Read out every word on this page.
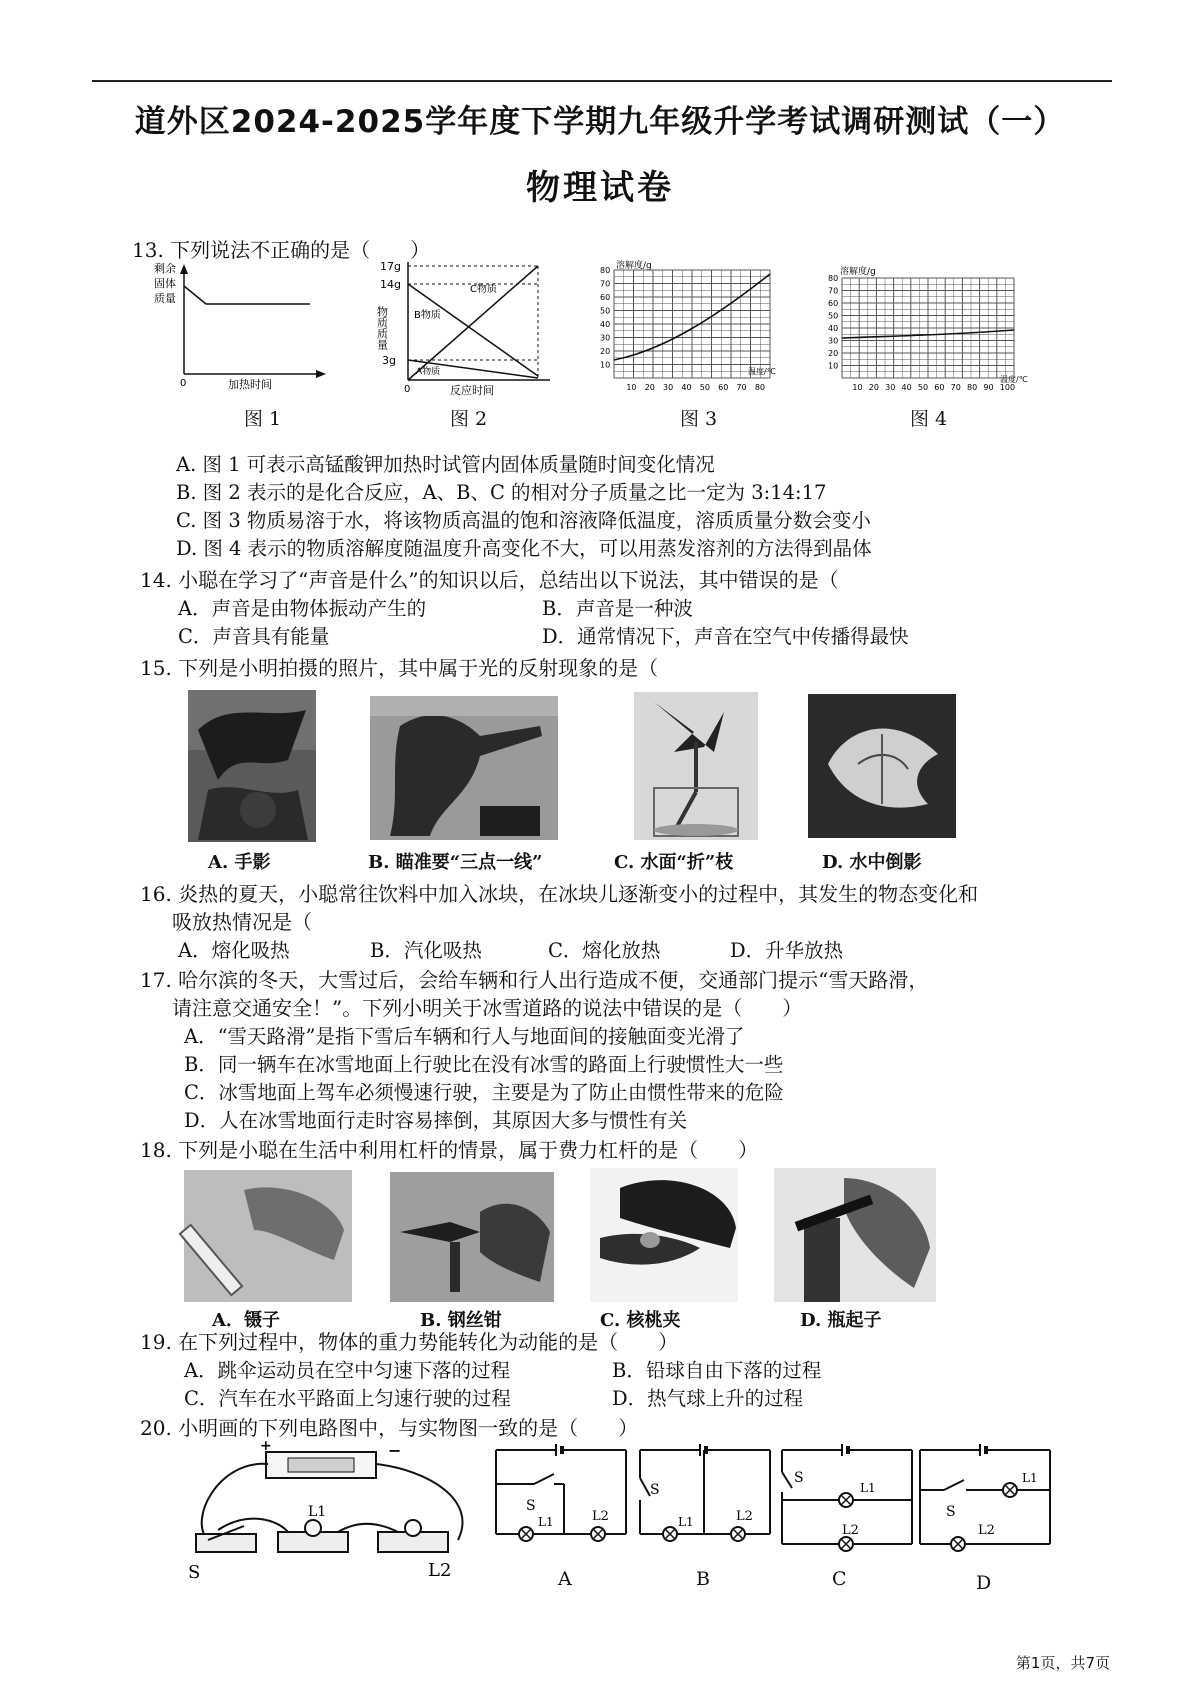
道外区2024-2025学年度下学期九年级升学考试调研测试（一）
物理试卷
13. 下列说法不正确的是（　　）
剩余
固体
质量
0	加热时间
图 1
17g
14g
3g
物质质量	B物质
C物质
A物质
0	反应时间
图 2
溶解度/g
温度/℃
10
20
30
40
50
60
70
80
10 20 30 40 50 60 70 80
图 3
溶解度/g
温度/℃
10
20
30
40
50
60
70
80
10 20 30 40 50 60 70 80 90 100
图 4
A. 图 1 可表示高锰酸钾加热时试管内固体质量随时间变化情况
B. 图 2 表示的是化合反应，A、B、C 的相对分子质量之比一定为 3:14:17
C. 图 3 物质易溶于水，将该物质高温的饱和溶液降低温度，溶质质量分数会变小
D. 图 4 表示的物质溶解度随温度升高变化不大，可以用蒸发溶剂的方法得到晶体
14. 小聪在学习了“声音是什么”的知识以后，总结出以下说法，其中错误的是（
A．声音是由物体振动产生的	B．声音是一种波
C．声音具有能量	D．通常情况下，声音在空气中传播得最快
15. 下列是小明拍摄的照片，其中属于光的反射现象的是（
A. 手影	B. 瞄准要“三点一线”	C. 水面“折”枝	D. 水中倒影
16. 炎热的夏天，小聪常往饮料中加入冰块，在冰块儿逐渐变小的过程中，其发生的物态变化和
吸放热情况是（
A．熔化吸热	B．汽化吸热	C．熔化放热	D．升华放热
17. 哈尔滨的冬天，大雪过后，会给车辆和行人出行造成不便，交通部门提示“雪天路滑，
请注意交通安全！”。下列小明关于冰雪道路的说法中错误的是（　　）
A．“雪天路滑”是指下雪后车辆和行人与地面间的接触面变光滑了
B．同一辆车在冰雪地面上行驶比在没有冰雪的路面上行驶惯性大一些
C．冰雪地面上驾车必须慢速行驶，主要是为了防止由惯性带来的危险
D．人在冰雪地面行走时容易摔倒，其原因大多与惯性有关
18. 下列是小聪在生活中利用杠杆的情景，属于费力杠杆的是（　　）
A．镊子	B. 钢丝钳	C. 核桃夹	D. 瓶起子
19. 在下列过程中，物体的重力势能转化为动能的是（　　）
A．跳伞运动员在空中匀速下落的过程	B．铅球自由下落的过程
C．汽车在水平路面上匀速行驶的过程	D．热气球上升的过程
20. 小明画的下列电路图中，与实物图一致的是（　　）
+	−
S
L1
L2
S
L1	L2
A
S
L1	L2
B
S
L1
L2
C
S
L1
L2
D
第1页，共7页
